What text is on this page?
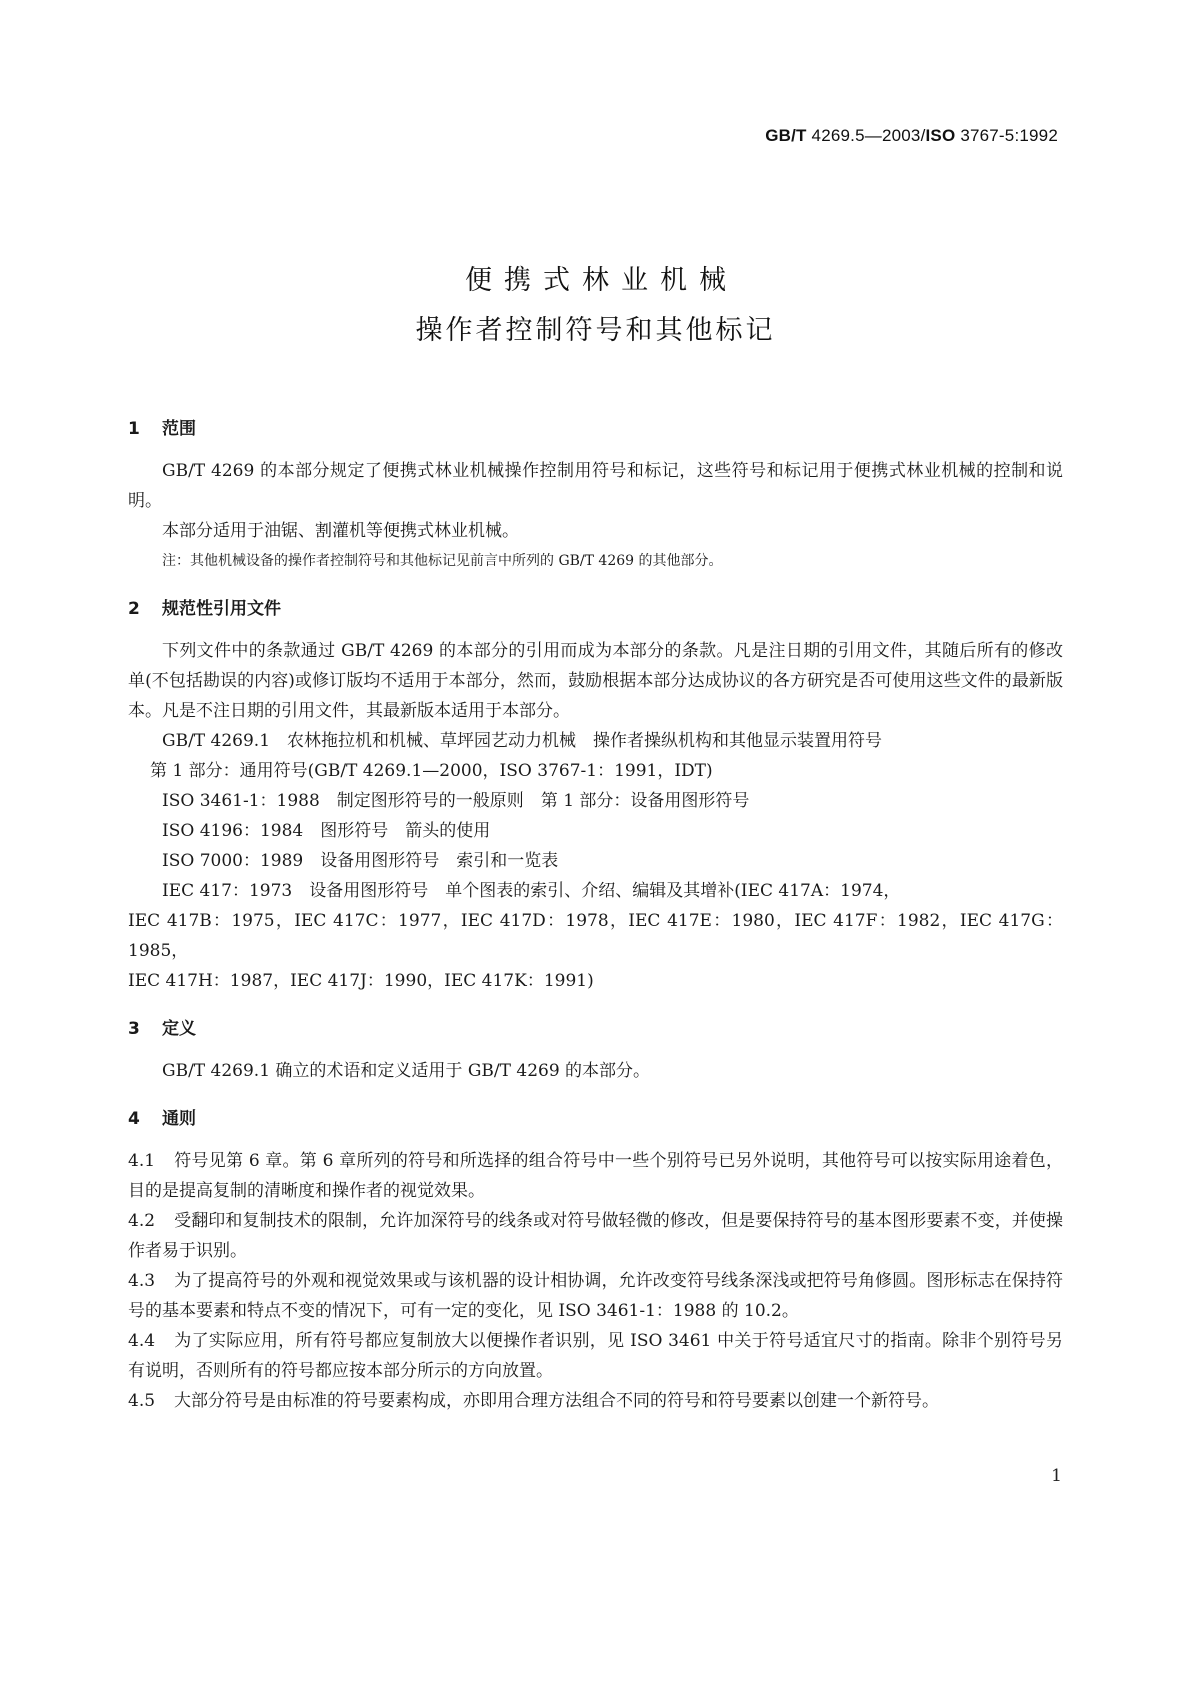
GB/T 4269.5—2003/ISO 3767-5:1992
便携式林业机械
操作者控制符号和其他标记
1 范围

GB/T 4269 的本部分规定了便携式林业机械操作控制用符号和标记，这些符号和标记用于便携式林业机械的控制和说明。

本部分适用于油锯、割灌机等便携式林业机械。

注：其他机械设备的操作者控制符号和其他标记见前言中所列的 GB/T 4269 的其他部分。

2 规范性引用文件

下列文件中的条款通过 GB/T 4269 的本部分的引用而成为本部分的条款。凡是注日期的引用文件，其随后所有的修改单(不包括勘误的内容)或修订版均不适用于本部分，然而，鼓励根据本部分达成协议的各方研究是否可使用这些文件的最新版本。凡是不注日期的引用文件，其最新版本适用于本部分。

GB/T 4269.1　农林拖拉机和机械、草坪园艺动力机械　操作者操纵机构和其他显示装置用符号

第 1 部分：通用符号(GB/T 4269.1—2000，ISO 3767-1：1991，IDT)

ISO 3461-1：1988　制定图形符号的一般原则　第 1 部分：设备用图形符号

ISO 4196：1984　图形符号　箭头的使用

ISO 7000：1989　设备用图形符号　索引和一览表

IEC 417：1973　设备用图形符号　单个图表的索引、介绍、编辑及其增补(IEC 417A：1974，

IEC 417B：1975，IEC 417C：1977，IEC 417D：1978，IEC 417E：1980，IEC 417F：1982，IEC 417G：1985，

IEC 417H：1987，IEC 417J：1990，IEC 417K：1991)

3 定义

GB/T 4269.1 确立的术语和定义适用于 GB/T 4269 的本部分。

4 通则

4.1 符号见第 6 章。第 6 章所列的符号和所选择的组合符号中一些个别符号已另外说明，其他符号可以按实际用途着色，目的是提高复制的清晰度和操作者的视觉效果。

4.2 受翻印和复制技术的限制，允许加深符号的线条或对符号做轻微的修改，但是要保持符号的基本图形要素不变，并使操作者易于识别。

4.3 为了提高符号的外观和视觉效果或与该机器的设计相协调，允许改变符号线条深浅或把符号角修圆。图形标志在保持符号的基本要素和特点不变的情况下，可有一定的变化，见 ISO 3461-1：1988 的 10.2。

4.4 为了实际应用，所有符号都应复制放大以便操作者识别，见 ISO 3461 中关于符号适宜尺寸的指南。除非个别符号另有说明，否则所有的符号都应按本部分所示的方向放置。

4.5 大部分符号是由标准的符号要素构成，亦即用合理方法组合不同的符号和符号要素以创建一个新符号。

1
